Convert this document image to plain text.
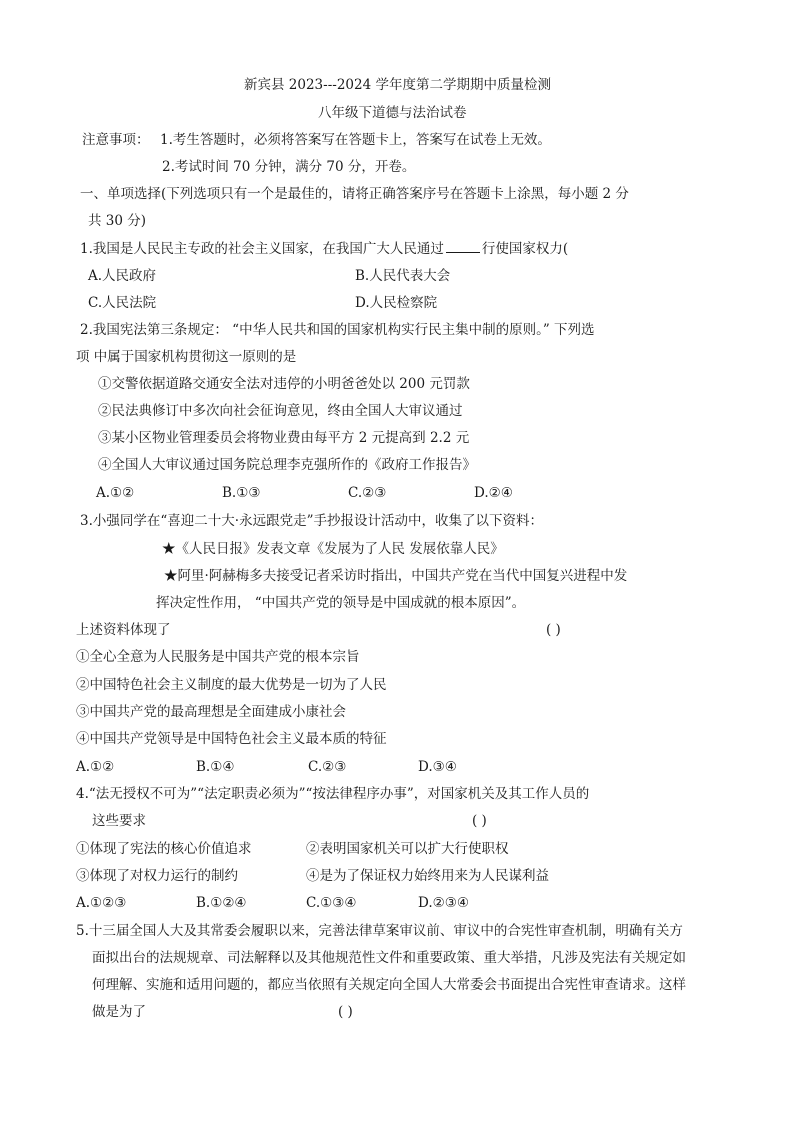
新宾县 2023---2024 学年度第二学期期中质量检测
八年级下道德与法治试卷
注意事项： 1.考生答题时，必须将答案写在答题卡上，答案写在试卷上无效。
2.考试时间 70 分钟，满分 70 分，开卷。
一、单项选择(下列选项只有一个是最佳的，请将正确答案序号在答题卡上涂黑，每小题 2 分
共 30 分)
1.我国是人民民主专政的社会主义国家，在我国广大人民通过	行使国家权力(
A.人民政府	B.人民代表大会
C.人民法院	D.人民检察院
2.我国宪法第三条规定： “中华人民共和国的国家机构实行民主集中制的原则。” 下列选
项 中属于国家机构贯彻这一原则的是
①交警依据道路交通安全法对违停的小明爸爸处以 200 元罚款
②民法典修订中多次向社会征询意见，终由全国人大审议通过
③某小区物业管理委员会将物业费由每平方 2 元提高到 2.2 元
④全国人大审议通过国务院总理李克强所作的《政府工作报告》
A.①②	B.①③	C.②③	D.②④
3.小强同学在“喜迎二十大·永远跟党走”手抄报设计活动中，收集了以下资料：
★《人民日报》发表文章《发展为了人民 发展依靠人民》
★阿里·阿赫梅多夫接受记者采访时指出，中国共产党在当代中国复兴进程中发
挥决定性作用， “中国共产党的领导是中国成就的根本原因”。
上述资料体现了	( )
①全心全意为人民服务是中国共产党的根本宗旨
②中国特色社会主义制度的最大优势是一切为了人民
③中国共产党的最高理想是全面建成小康社会
④中国共产党领导是中国特色社会主义最本质的特征
A.①②	B.①④	C.②③	D.③④
4.“法无授权不可为”“法定职责必须为”“按法律程序办事”，对国家机关及其工作人员的
这些要求	( )
①体现了宪法的核心价值追求	②表明国家机关可以扩大行使职权
③体现了对权力运行的制约	④是为了保证权力始终用来为人民谋利益
A.①②③	B.①②④	C.①③④	D.②③④
5.十三届全国人大及其常委会履职以来，完善法律草案审议前、审议中的合宪性审查机制，明确有关方
面拟出台的法规规章、司法解释以及其他规范性文件和重要政策、重大举措，凡涉及宪法有关规定如
何理解、实施和适用问题的，都应当依照有关规定向全国人大常委会书面提出合宪性审查请求。这样
做是为了	( )
